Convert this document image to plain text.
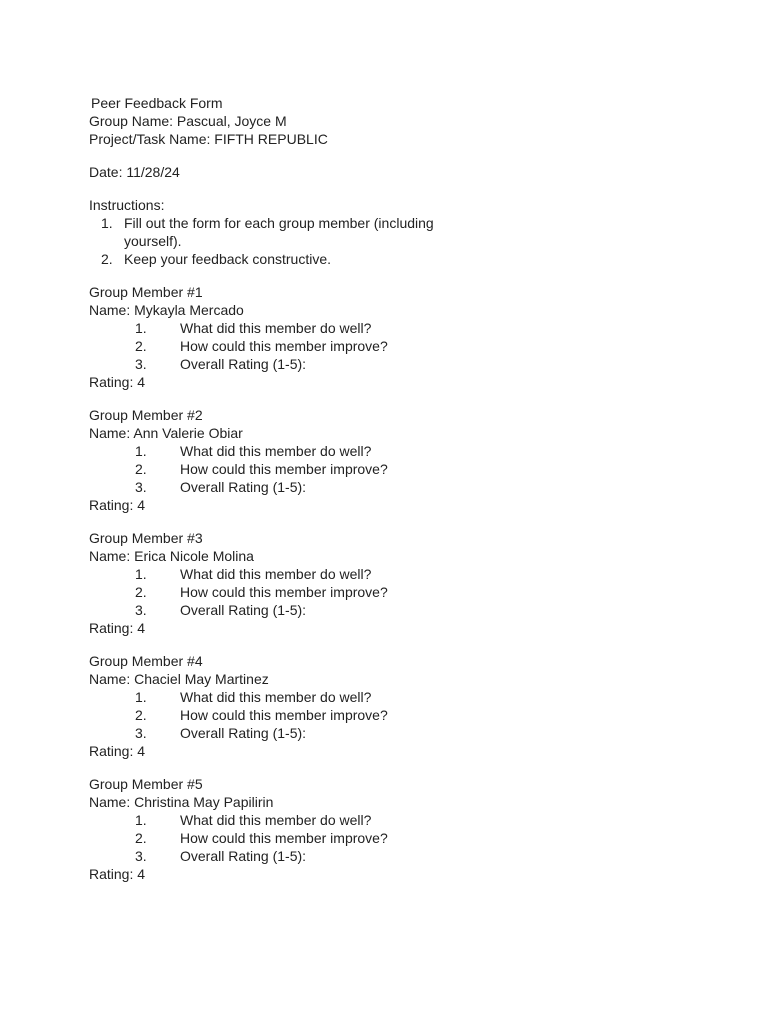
Peer Feedback Form
Group Name: Pascual, Joyce M
Project/Task Name: FIFTH REPUBLIC
Date: 11/28/24
Instructions:
1. Fill out the form for each group member (including yourself).
2. Keep your feedback constructive.
Group Member #1
Name: Mykayla Mercado
1. What did this member do well?
2. How could this member improve?
3. Overall Rating (1-5):
Rating: 4
Group Member #2
Name: Ann Valerie Obiar
1. What did this member do well?
2. How could this member improve?
3. Overall Rating (1-5):
Rating: 4
Group Member #3
Name: Erica Nicole Molina
1. What did this member do well?
2. How could this member improve?
3. Overall Rating (1-5):
Rating: 4
Group Member #4
Name: Chaciel May Martinez
1. What did this member do well?
2. How could this member improve?
3. Overall Rating (1-5):
Rating: 4
Group Member #5
Name: Christina May Papilirin
1. What did this member do well?
2. How could this member improve?
3. Overall Rating (1-5):
Rating: 4
